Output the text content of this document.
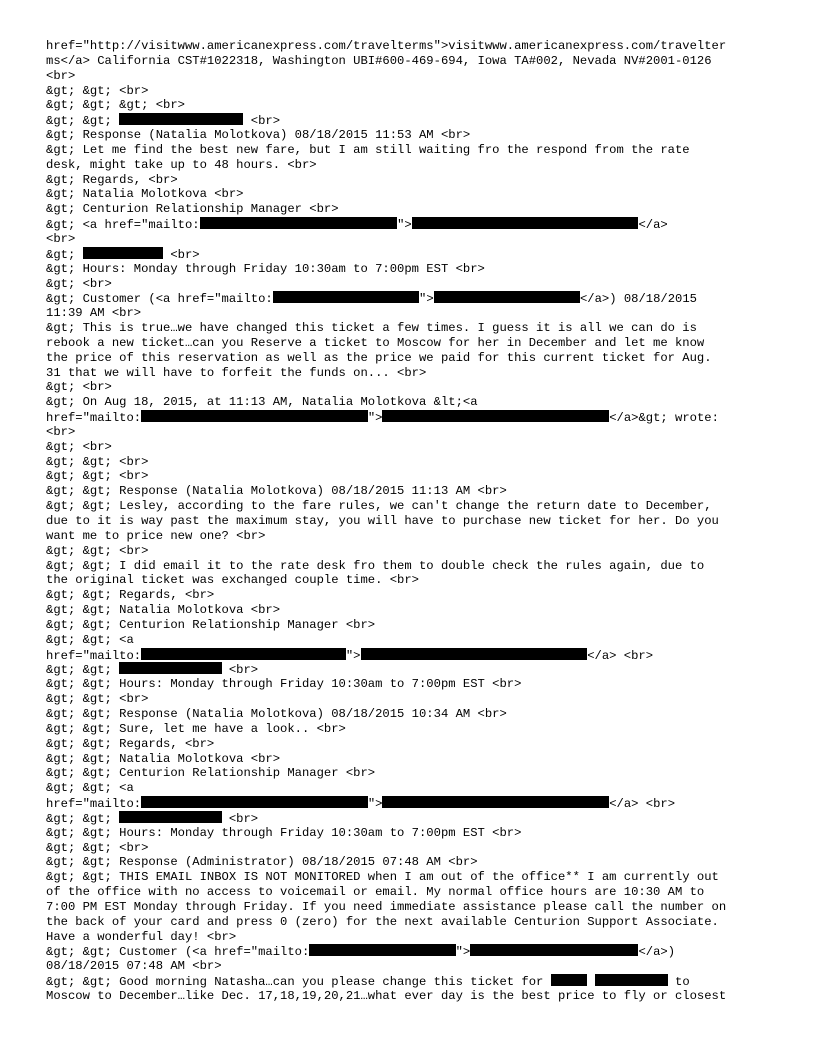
href="http://visitwww.americanexpress.com/travelterms">visitwww.americanexpress.com/travelter
ms</a> California CST#1022318, Washington UBI#600-469-694, Iowa TA#002, Nevada NV#2001-0126
<br>
&gt; &gt; <br>
&gt; &gt; &gt; <br>
&gt; &gt;	<br>
&gt; Response (Natalia Molotkova) 08/18/2015 11:53 AM <br>
&gt; Let me find the best new fare, but I am still waiting fro the respond from the rate
desk, might take up to 48 hours. <br>
&gt; Regards, <br>
&gt; Natalia Molotkova <br>
&gt; Centurion Relationship Manager <br>
&gt; <a href="mailto:	">	</a>
<br>
&gt;	<br>
&gt; Hours: Monday through Friday 10:30am to 7:00pm EST <br>
&gt; <br>
&gt; Customer (<a href="mailto:	">	</a>) 08/18/2015
11:39 AM <br>
&gt; This is true…we have changed this ticket a few times. I guess it is all we can do is
rebook a new ticket…can you Reserve a ticket to Moscow for her in December and let me know
the price of this reservation as well as the price we paid for this current ticket for Aug.
31 that we will have to forfeit the funds on... <br>
&gt; <br>
&gt; On Aug 18, 2015, at 11:13 AM, Natalia Molotkova &lt;<a
href="mailto:	">	</a>&gt; wrote:
<br>
&gt; <br>
&gt; &gt; <br>
&gt; &gt; <br>
&gt; &gt; Response (Natalia Molotkova) 08/18/2015 11:13 AM <br>
&gt; &gt; Lesley, according to the fare rules, we can't change the return date to December,
due to it is way past the maximum stay, you will have to purchase new ticket for her. Do you
want me to price new one? <br>
&gt; &gt; <br>
&gt; &gt; I did email it to the rate desk fro them to double check the rules again, due to
the original ticket was exchanged couple time. <br>
&gt; &gt; Regards, <br>
&gt; &gt; Natalia Molotkova <br>
&gt; &gt; Centurion Relationship Manager <br>
&gt; &gt; <a
href="mailto:	">	</a> <br>
&gt; &gt;	<br>
&gt; &gt; Hours: Monday through Friday 10:30am to 7:00pm EST <br>
&gt; &gt; <br>
&gt; &gt; Response (Natalia Molotkova) 08/18/2015 10:34 AM <br>
&gt; &gt; Sure, let me have a look.. <br>
&gt; &gt; Regards, <br>
&gt; &gt; Natalia Molotkova <br>
&gt; &gt; Centurion Relationship Manager <br>
&gt; &gt; <a
href="mailto:	">	</a> <br>
&gt; &gt;	<br>
&gt; &gt; Hours: Monday through Friday 10:30am to 7:00pm EST <br>
&gt; &gt; <br>
&gt; &gt; Response (Administrator) 08/18/2015 07:48 AM <br>
&gt; &gt; THIS EMAIL INBOX IS NOT MONITORED when I am out of the office** I am currently out
of the office with no access to voicemail or email. My normal office hours are 10:30 AM to
7:00 PM EST Monday through Friday. If you need immediate assistance please call the number on
the back of your card and press 0 (zero) for the next available Centurion Support Associate.
Have a wonderful day! <br>
&gt; &gt; Customer (<a href="mailto:	">	</a>)
08/18/2015 07:48 AM <br>
&gt; &gt; Good morning Natasha…can you please change this ticket for	to
Moscow to December…like Dec. 17,18,19,20,21…what ever day is the best price to fly or closest
